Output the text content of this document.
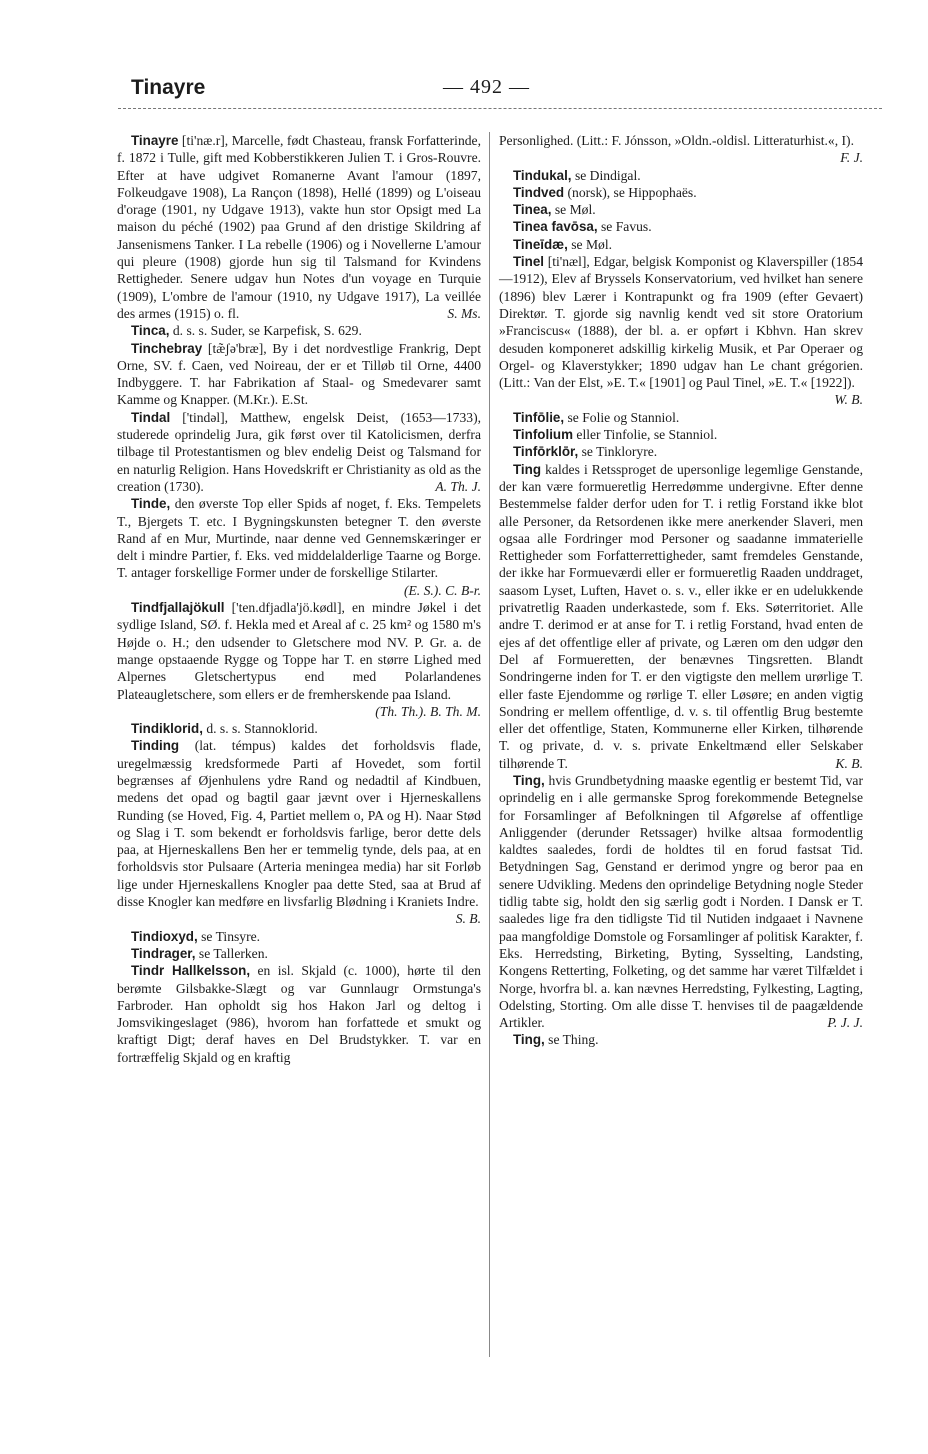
Tinayre	— 492 —

Tinayre [ti'næ.r], Marcelle, født Chasteau, fransk Forfatterinde, f. 1872 i Tulle, gift med Kobberstikkeren Julien T. i Gros-Rouvre. Efter at have udgivet Romanerne Avant l'amour (1897, Folkeudgave 1908), La Rançon (1898), Hellé (1899) og L'oiseau d'orage (1901, ny Udgave 1913), vakte hun stor Opsigt med La maison du péché (1902) paa Grund af den dristige Skildring af Jansenismens Tanker. I La rebelle (1906) og i Novellerne L'amour qui pleure (1908) gjorde hun sig til Talsmand for Kvindens Rettigheder. Senere udgav hun Notes d'un voyage en Turquie (1909), L'ombre de l'amour (1910, ny Udgave 1917), La veillée des armes (1915) o. fl.	S. Ms.

Tinca, d. s. s. Suder, se Karpefisk, S. 629.

Tinchebray [tæ̃ʃə'bræ], By i det nordvestlige Frankrig, Dept Orne, SV. f. Caen, ved Noireau, der er et Tilløb til Orne, 4400 Indbyggere. T. har Fabrikation af Staal- og Smedevarer samt Kamme og Knapper. (M.Kr.). E.St.

Tindal ['tindəl], Matthew, engelsk Deist, (1653—1733), studerede oprindelig Jura, gik først over til Katolicismen, derfra tilbage til Protestantismen og blev endelig Deist og Talsmand for en naturlig Religion. Hans Hovedskrift er Christianity as old as the creation (1730).	A. Th. J.

Tinde, den øverste Top eller Spids af noget, f. Eks. Tempelets T., Bjergets T. etc. I Bygningskunsten betegner T. den øverste Rand af en Mur, Murtinde, naar denne ved Gennemskæringer er delt i mindre Partier, f. Eks. ved middelalderlige Taarne og Borge. T. antager forskellige Former under de forskellige Stilarter.
(E. S.). C. B-r.

Tindfjallajökull ['ten.dfjadla'jö.kødl], en mindre Jøkel i det sydlige Island, SØ. f. Hekla med et Areal af c. 25 km² og 1580 m's Højde o. H.; den udsender to Gletschere mod NV. P. Gr. a. de mange opstaaende Rygge og Toppe har T. en større Lighed med Alpernes Gletschertypus end med Polarlandenes Plateaugletschere, som ellers er de fremherskende paa Island.
(Th. Th.). B. Th. M.

Tindiklorid, d. s. s. Stannoklorid.

Tinding (lat. témpus) kaldes det forholdsvis flade, uregelmæssig kredsformede Parti af Hovedet, som fortil begrænses af Øjenhulens ydre Rand og nedadtil af Kindbuen, medens det opad og bagtil gaar jævnt over i Hjerneskallens Runding (se Hoved, Fig. 4, Partiet mellem o, PA og H). Naar Stød og Slag i T. som bekendt er forholdsvis farlige, beror dette dels paa, at Hjerneskallens Ben her er temmelig tynde, dels paa, at en forholdsvis stor Pulsaare (Arteria meningea media) har sit Forløb lige under Hjerneskallens Knogler paa dette Sted, saa at Brud af disse Knogler kan medføre en livsfarlig Blødning i Kraniets Indre.
S. B.

Tindioxyd, se Tinsyre.

Tindrager, se Tallerken.

Tindr Hallkelsson, en isl. Skjald (c. 1000), hørte til den berømte Gilsbakke-Slægt og var Gunnlaugr Ormstunga's Farbroder. Han opholdt sig hos Hakon Jarl og deltog i Jomsvikingeslaget (986), hvorom han forfattede et smukt og kraftigt Digt; deraf haves en Del Brudstykker. T. var en fortræffelig Skjald og en kraftig

Personlighed. (Litt.: F. Jónsson, »Oldn.-oldisl. Litteraturhist.«, I).
F. J.

Tindukal, se Dindigal.

Tindved (norsk), se Hippophaës.

Tinea, se Møl.

Tinea favōsa, se Favus.

Tineīdæ, se Møl.

Tinel [ti'næl], Edgar, belgisk Komponist og Klaverspiller (1854—1912), Elev af Bryssels Konservatorium, ved hvilket han senere (1896) blev Lærer i Kontrapunkt og fra 1909 (efter Gevaert) Direktør. T. gjorde sig navnlig kendt ved sit store Oratorium »Franciscus« (1888), der bl. a. er opført i Kbhvn. Han skrev desuden komponeret adskillig kirkelig Musik, et Par Operaer og Orgel- og Klaverstykker; 1890 udgav han Le chant grégorien. (Litt.: Van der Elst, »E. T.« [1901] og Paul Tinel, »E. T.« [1922]).
W. B.

Tinfōlie, se Folie og Stanniol.

Tinfolium eller Tinfolie, se Stanniol.

Tinfōrklōr, se Tinkloryre.

Ting kaldes i Retssproget de upersonlige legemlige Genstande, der kan være formueretlig Herredømme undergivne. Efter denne Bestemmelse falder derfor uden for T. i retlig Forstand ikke blot alle Personer, da Retsordenen ikke mere anerkender Slaveri, men ogsaa alle Fordringer mod Personer og saadanne immaterielle Rettigheder som Forfatterrettigheder, samt fremdeles Genstande, der ikke har Formueværdi eller er formueretlig Raaden unddraget, saasom Lyset, Luften, Havet o. s. v., eller ikke er en udelukkende privatretlig Raaden underkastede, som f. Eks. Søterritoriet. Alle andre T. derimod er at anse for T. i retlig Forstand, hvad enten de ejes af det offentlige eller af private, og Læren om den udgør den Del af Formueretten, der benævnes Tingsretten. Blandt Sondringerne inden for T. er den vigtigste den mellem urørlige T. eller faste Ejendomme og rørlige T. eller Løsøre; en anden vigtig Sondring er mellem offentlige, d. v. s. til offentlig Brug bestemte eller det offentlige, Staten, Kommunerne eller Kirken, tilhørende T. og private, d. v. s. private Enkeltmænd eller Selskaber tilhørende T.	K. B.

Ting, hvis Grundbetydning maaske egentlig er bestemt Tid, var oprindelig en i alle germanske Sprog forekommende Betegnelse for Forsamlinger af Befolkningen til Afgørelse af offentlige Anliggender (derunder Retssager) hvilke altsaa formodentlig kaldtes saaledes, fordi de holdtes til en forud fastsat Tid. Betydningen Sag, Genstand er derimod yngre og beror paa en senere Udvikling. Medens den oprindelige Betydning nogle Steder tidlig tabte sig, holdt den sig særlig godt i Norden. I Dansk er T. saaledes lige fra den tidligste Tid til Nutiden indgaaet i Navnene paa mangfoldige Domstole og Forsamlinger af politisk Karakter, f. Eks. Herredsting, Birketing, Byting, Sysselting, Landsting, Kongens Retterting, Folketing, og det samme har været Tilfældet i Norge, hvorfra bl. a. kan nævnes Herredsting, Fylkesting, Lagting, Odelsting, Storting. Om alle disse T. henvises til de paagældende Artikler.	P. J. J.

Ting, se Thing.
